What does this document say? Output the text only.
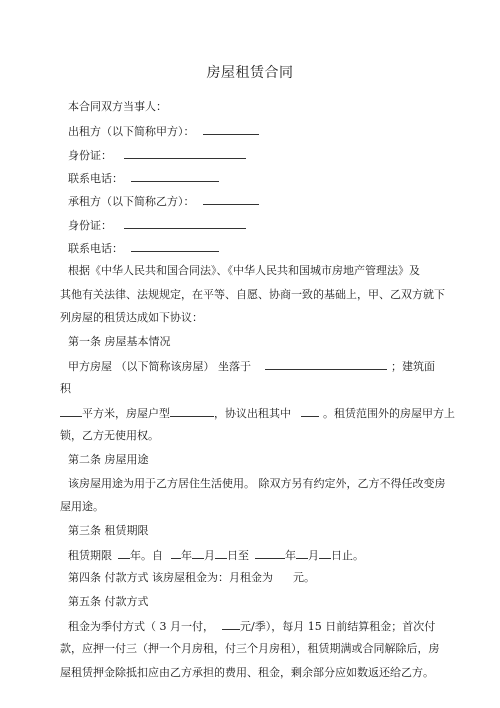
房屋租赁合同
本合同双方当事人：
出租方（以下简称甲方）：
身份证：
联系电话：
承租方（以下简称乙方）：
身份证：
联系电话：
根据《中华人民共和国合同法》、《中华人民共和国城市房地产管理法》及
其他有关法律、法规规定，在平等、自愿、协商一致的基础上，甲、乙双方就下
列房屋的租赁达成如下协议：
第一条 房屋基本情况
甲方房屋 （以下简称该房屋） 坐落于	；建筑面
积
平方米，房屋户型	，协议出租其中	。租赁范围外的房屋甲方上
锁，乙方无使用权。
第二条 房屋用途
该房屋用途为用于乙方居住生活使用。 除双方另有约定外，乙方不得任改变房
屋用途。
第三条 租赁期限
租赁期限 年。自 年 月 日至	年 月 日止。
第四条 付款方式 该房屋租金为：月租金为 元。
第五条 付款方式
租金为季付方式（ 3 月一付， 元/季），每月 15 日前结算租金；首次付
款，应押一付三（押一个月房租，付三个月房租），租赁期满或合同解除后，房
屋租赁押金除抵扣应由乙方承担的费用、租金，剩余部分应如数返还给乙方。
